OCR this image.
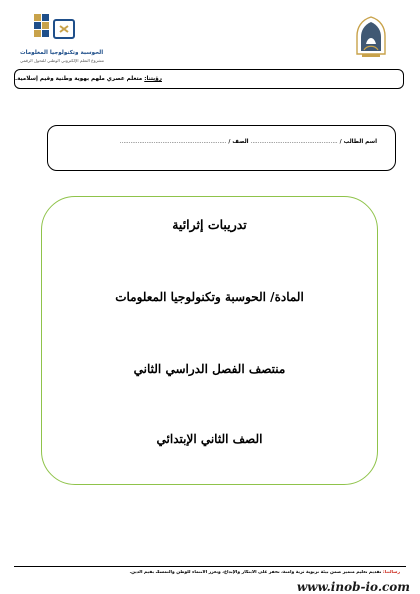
الحوسبة وتكنولوجيا المعلومات
مشروع التعلم الإلكتروني الوطني للتحول الرقمي
رؤيتنا:
متعلم عصري ملهم بهوية وطنية وقيم إسلامية.
اسم الطالب / ................................................. الصف / ............................................................
تدريبات إثرائية
المادة/ الحوسبة وتكنولوجيا المعلومات
منتصف الفصل الدراسي الثاني
الصف الثاني الإبتدائي
رسالتنا: تقديم تعليم متميز ضمن بيئة تربوية ثرية وآمنة، تحفز على الابتكار والإبداع، وتعزز الانتماء للوطن والتمسك بقيم الدين.
www.inob-io.com
